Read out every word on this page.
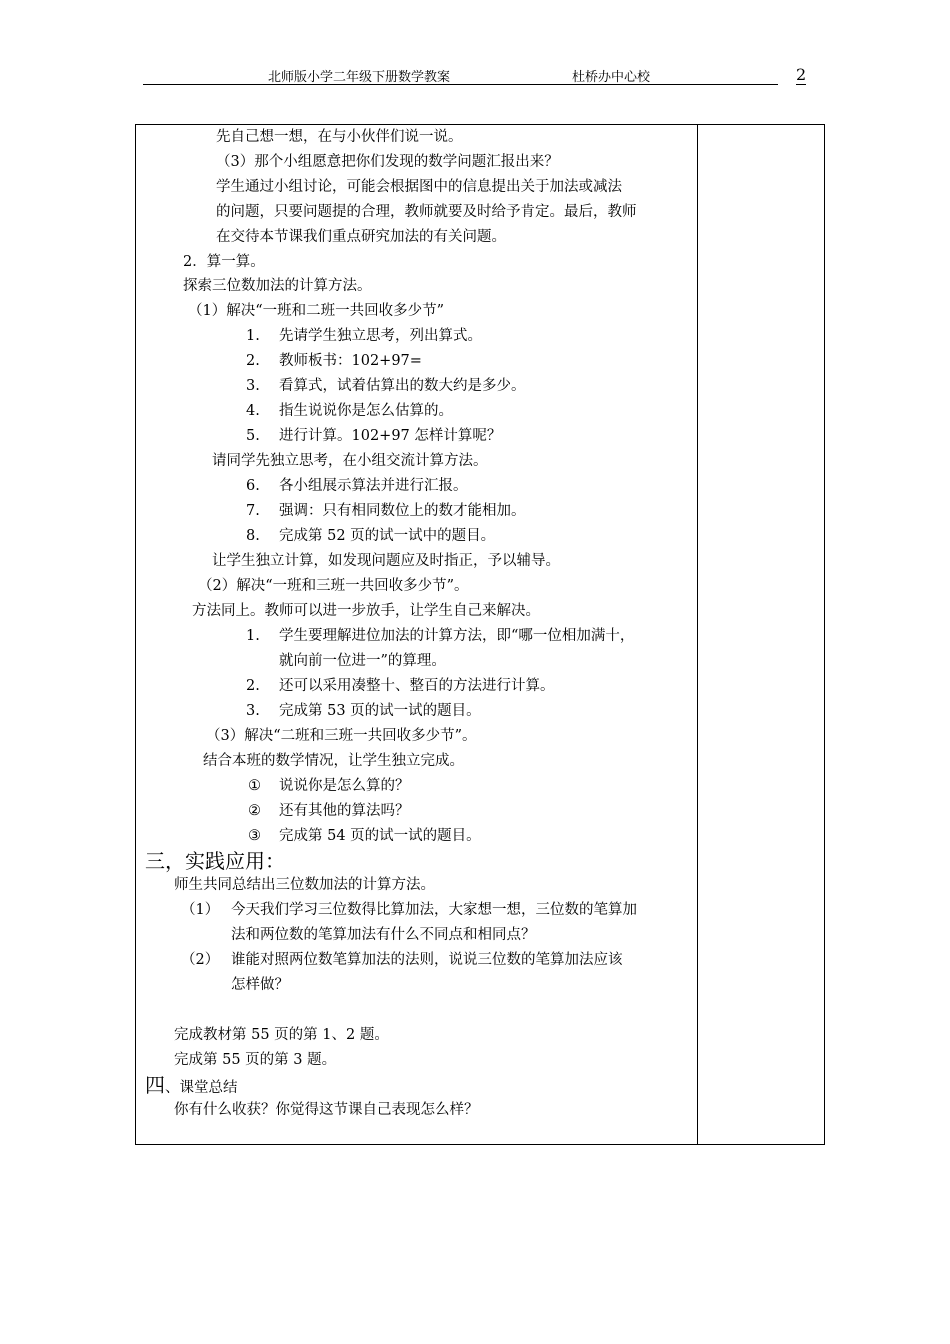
北师版小学二年级下册数学教案	杜桥办中心校	2
先自己想一想，在与小伙伴们说一说。
（3）那个小组愿意把你们发现的数学问题汇报出来？
学生通过小组讨论，可能会根据图中的信息提出关于加法或减法
的问题，只要问题提的合理，教师就要及时给予肯定。最后，教师
在交待本节课我们重点研究加法的有关问题。
2．算一算。
探索三位数加法的计算方法。
（1）解决“一班和二班一共回收多少节”
1. 先请学生独立思考，列出算式。
2. 教师板书：102+97=
3. 看算式，试着估算出的数大约是多少。
4. 指生说说你是怎么估算的。
5. 进行计算。102+97 怎样计算呢？
请同学先独立思考，在小组交流计算方法。
6. 各小组展示算法并进行汇报。
7. 强调：只有相同数位上的数才能相加。
8. 完成第 52 页的试一试中的题目。
让学生独立计算，如发现问题应及时指正，予以辅导。
（2）解决“一班和三班一共回收多少节”。
方法同上。教师可以进一步放手，让学生自己来解决。
1. 学生要理解进位加法的计算方法，即“哪一位相加满十，
就向前一位进一”的算理。
2. 还可以采用凑整十、整百的方法进行计算。
3. 完成第 53 页的试一试的题目。
（3）解决“二班和三班一共回收多少节”。
结合本班的数学情况，让学生独立完成。
① 说说你是怎么算的？
② 还有其他的算法吗？
③ 完成第 54 页的试一试的题目。
三，实践应用：
师生共同总结出三位数加法的计算方法。
（1） 今天我们学习三位数得比算加法，大家想一想，三位数的笔算加
法和两位数的笔算加法有什么不同点和相同点？
（2） 谁能对照两位数笔算加法的法则，说说三位数的笔算加法应该
怎样做？
完成教材第 55 页的第 1、2 题。
完成第 55 页的第 3 题。
四、课堂总结
你有什么收获？你觉得这节课自己表现怎么样？
